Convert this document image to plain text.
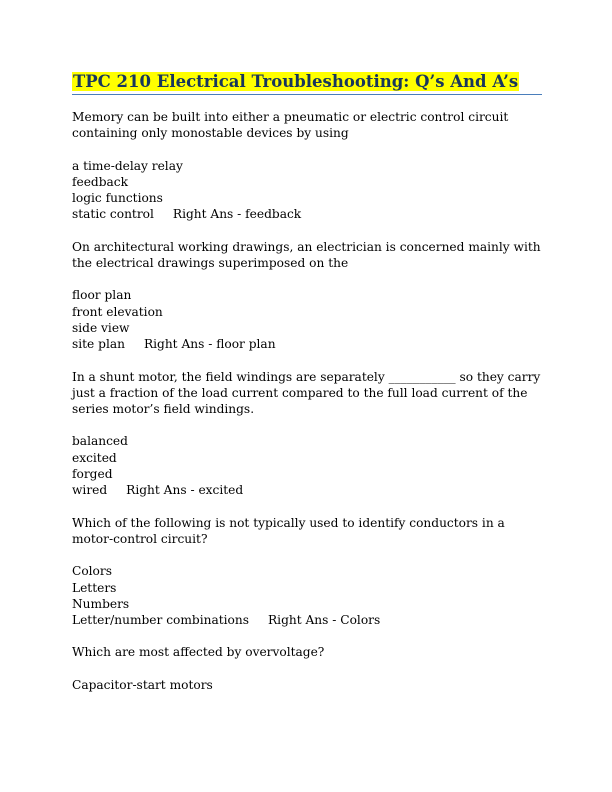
TPC 210 Electrical Troubleshooting: Q’s And A’s
Memory can be built into either a pneumatic or electric control circuit containing only monostable devices by using
a time-delay relay
feedback
logic functions
static control Right Ans - feedback
On architectural working drawings, an electrician is concerned mainly with the electrical drawings superimposed on the
floor plan
front elevation
side view
site plan Right Ans - floor plan
In a shunt motor, the field windings are separately ___________ so they carry just a fraction of the load current compared to the full load current of the series motor’s field windings.
balanced
excited
forged
wired Right Ans - excited
Which of the following is not typically used to identify conductors in a motor-control circuit?
Colors
Letters
Numbers
Letter/number combinations Right Ans - Colors
Which are most affected by overvoltage?
Capacitor-start motors
